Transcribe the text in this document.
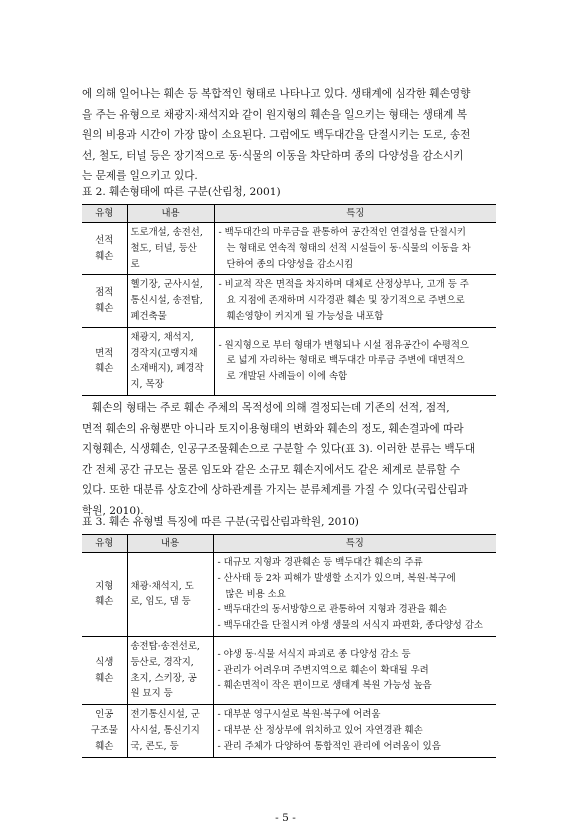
에 의해 일어나는 훼손 등 복합적인 형태로 나타나고 있다. 생태계에 심각한 훼손영향
을 주는 유형으로 채광지·채석지와 같이 원지형의 훼손을 일으키는 형태는 생태계 복
원의 비용과 시간이 가장 많이 소요된다. 그럼에도 백두대간을 단절시키는 도로, 송전
선, 철도, 터널 등은 장기적으로 동·식물의 이동을 차단하며 종의 다양성을 감소시키
는 문제를 일으키고 있다.

표 2. 훼손형태에 따른 구분(산림청, 2001)

유형	내용	특징

선적
훼손	도로개설, 송전선,
철도, 터널, 등산
로	- 백두대간의 마루금을 관통하여 공간적인 연결성을 단절시키
는 형태로 연속적 형태의 선적 시설들이 동·식물의 이동을 차
단하여 종의 다양성을 감소시킴

점적
훼손	헬기장, 군사시설,
통신시설, 송전탑,
폐건축물	- 비교적 작은 면적을 차지하며 대체로 산정상부나, 고개 등 주
요 지점에 존재하며 시각경관 훼손 및 장기적으로 주변으로
훼손영향이 커지게 될 가능성을 내포함

면적
훼손	채광지, 채석지,
경작지(고랭지채
소재배지), 폐경작
지, 목장	- 원지형으로 부터 형태가 변형되나 시설 점유공간이 수평적으
로 넓게 자리하는 형태로 백두대간 마루금 주변에 대면적으
로 개발된 사례들이 이에 속함

훼손의 형태는 주로 훼손 주체의 목적성에 의해 결정되는데 기존의 선적, 점적,
면적 훼손의 유형뿐만 아니라 토지이용형태의 변화와 훼손의 정도, 훼손결과에 따라
지형훼손, 식생훼손, 인공구조물훼손으로 구분할 수 있다(표 3). 이러한 분류는 백두대
간 전체 공간 규모는 물론 임도와 같은 소규모 훼손지에서도 같은 체계로 분류할 수
있다. 또한 대분류 상호간에 상하관계를 가지는 분류체계를 가질 수 있다(국립산림과
학원, 2010).

표 3. 훼손 유형별 특징에 따른 구분(국립산림과학원, 2010)

유형	내용	특징

지형
훼손	채광·채석지, 도
로, 임도, 댐 등	- 대규모 지형과 경관훼손 등 백두대간 훼손의 주류
- 산사태 등 2차 피해가 발생할 소지가 있으며, 복원·복구에
많은 비용 소요
- 백두대간의 동서방향으로 관통하여 지형과 경관을 훼손
- 백두대간을 단절시켜 야생 생물의 서식지 파편화, 종다양성 감소

식생
훼손	송전탑·송전선로,
등산로, 경작지,
초지, 스키장, 공
원 묘지 등	- 야생 동·식물 서식지 파괴로 종 다양성 감소 등
- 관리가 어려우며 주변지역으로 훼손이 확대될 우려
- 훼손면적이 작은 편이므로 생태계 복원 가능성 높음

인공
구조물
훼손	전기통신시설, 군
사시설, 통신기지
국, 콘도, 등	- 대부분 영구시설로 복원·복구에 어려움
- 대부분 산 정상부에 위치하고 있어 자연경관 훼손
- 관리 주체가 다양하여 통합적인 관리에 어려움이 있음
- 5 -
